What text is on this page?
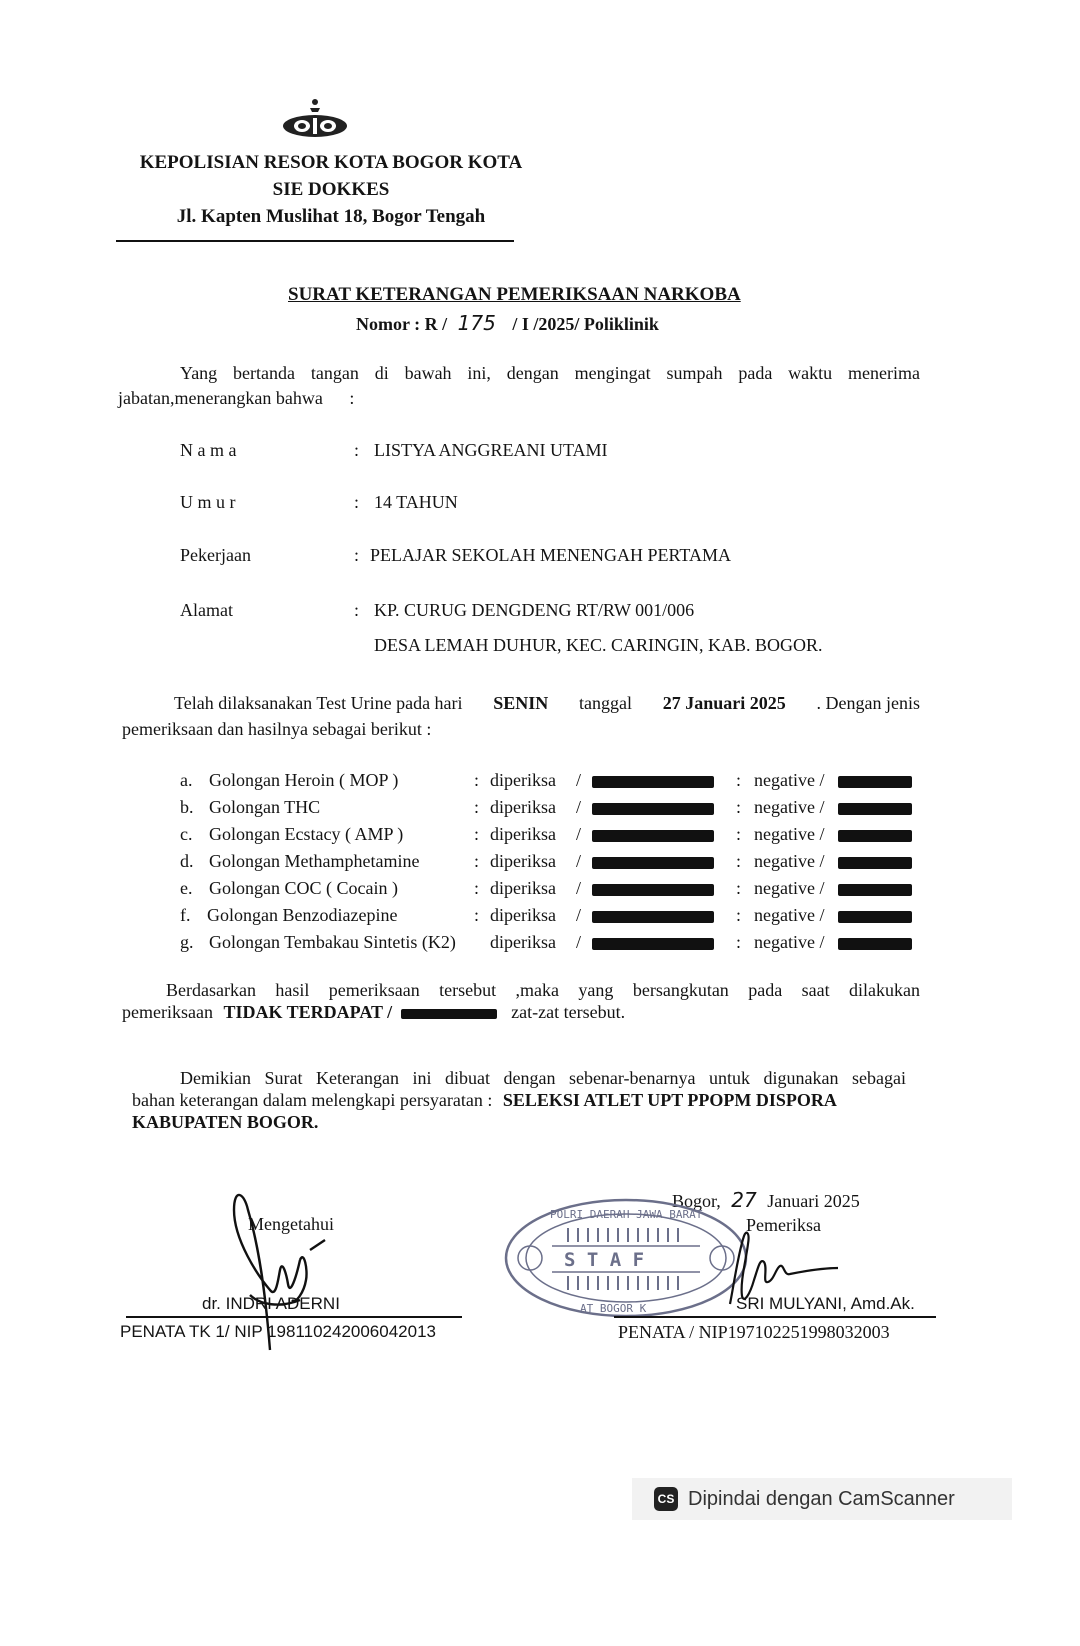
KEPOLISIAN RESOR KOTA BOGOR KOTA
SIE DOKKES
Jl. Kapten Muslihat 18, Bogor Tengah
SURAT KETERANGAN PEMERIKSAAN NARKOBA
Nomor : R / 175 / I /2025/ Poliklinik
Yang bertanda tangan di bawah ini, dengan mengingat sumpah pada waktu menerima
jabatan,menerangkan bahwa :
N a m a	: LISTYA ANGGREANI UTAMI
U m u r	: 14 TAHUN
Pekerjaan	: PELAJAR SEKOLAH MENENGAH PERTAMA
Alamat	: KP. CURUG DENGDENG RT/RW 001/006
DESA LEMAH DUHUR, KEC. CARINGIN, KAB. BOGOR.
Telah dilaksanakan Test Urine pada hari SENIN tanggal 27 Januari 2025 . Dengan jenis
pemeriksaan dan hasilnya sebagai berikut :
a. Golongan Heroin ( MOP )	: diperiksa /	: negative /
b. Golongan THC	: diperiksa /	: negative /
c. Golongan Ecstacy ( AMP )	: diperiksa /	: negative /
d. Golongan Methamphetamine	: diperiksa /	: negative /
e. Golongan COC ( Cocain )	: diperiksa /	: negative /
f. Golongan Benzodiazepine	: diperiksa /	: negative /
g. Golongan Tembakau Sintetis (K2) diperiksa /	: negative /
Berdasarkan hasil pemeriksaan tersebut ,maka yang bersangkutan pada saat dilakukan
pemeriksaan TIDAK TERDAPAT /	zat-zat tersebut.
Demikian Surat Keterangan ini dibuat dengan sebenar-benarnya untuk digunakan sebagai
bahan keterangan dalam melengkapi persyaratan : SELEKSI ATLET UPT PPOPM DISPORA
KABUPATEN BOGOR.
Mengetahui
dr. INDRI ADERNI
PENATA TK 1/ NIP 198110242006042013
Bogor, 27 Januari 2025
Pemeriksa
POLRI DAERAH JAWA BARAT
S T A F
AT BOGOR K	SRI MULYANI, Amd.Ak.
PENATA / NIP197102251998032003
CS Dipindai dengan CamScanner
